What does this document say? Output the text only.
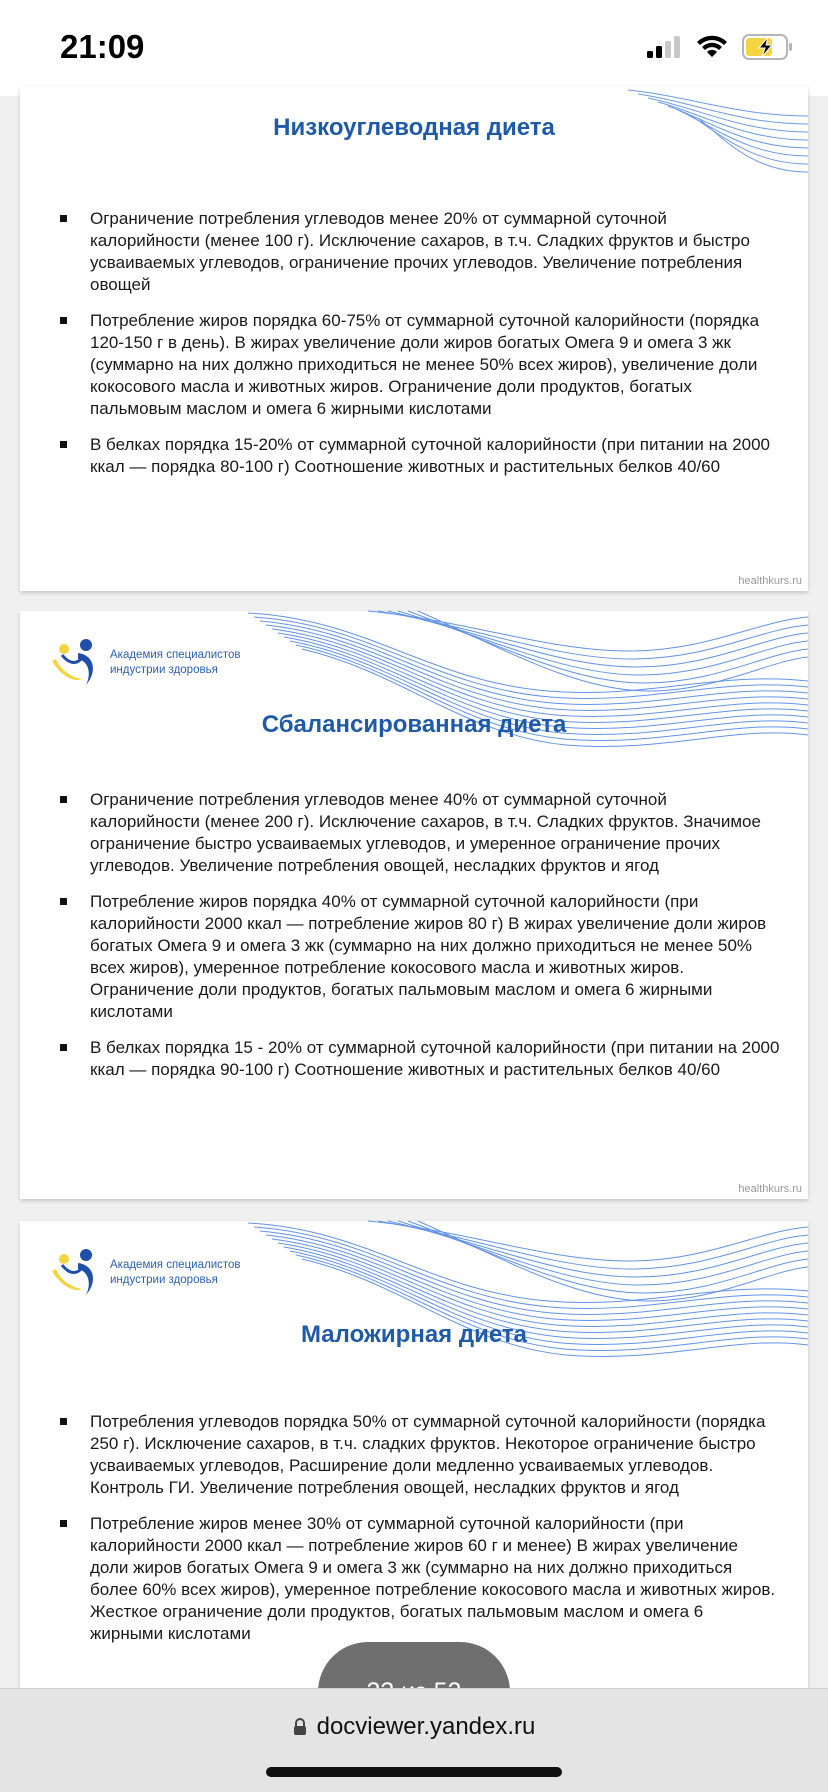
21:09
Низкоуглеводная диета
Ограничение потребления углеводов менее 20% от суммарной суточной калорийности (менее 100 г). Исключение сахаров, в т.ч. Сладких фруктов и быстро усваиваемых углеводов, ограничение прочих углеводов. Увеличение потребления овощей
Потребление жиров порядка 60-75% от суммарной суточной калорийности (порядка 120-150 г в день). В жирах увеличение доли жиров богатых Омега 9 и омега 3 жк (суммарно на них должно приходиться не менее 50% всех жиров), увеличение доли кокосового масла и животных жиров. Ограничение доли продуктов, богатых пальмовым маслом и омега 6 жирными кислотами
В белках порядка 15-20% от суммарной суточной калорийности (при питании на 2000 ккал — порядка 80-100 г) Соотношение животных и растительных белков 40/60
healthkurs.ru
Академия специалистов
индустрии здоровья
Сбалансированная диета
Ограничение потребления углеводов менее 40% от суммарной суточной калорийности (менее 200 г). Исключение сахаров, в т.ч. Сладких фруктов. Значимое ограничение быстро усваиваемых углеводов, и умеренное ограничение прочих углеводов. Увеличение потребления овощей, несладких фруктов и ягод
Потребление жиров порядка 40% от суммарной суточной калорийности (при калорийности 2000 ккал — потребление жиров 80 г) В жирах увеличение доли жиров богатых Омега 9 и омега 3 жк (суммарно на них должно приходиться не менее 50% всех жиров), умеренное потребление кокосового масла и животных жиров. Ограничение доли продуктов, богатых пальмовым маслом и омега 6 жирными кислотами
В белках порядка 15 - 20% от суммарной суточной калорийности (при питании на 2000 ккал — порядка 90-100 г) Соотношение животных и растительных белков 40/60
healthkurs.ru
Академия специалистов
индустрии здоровья
Маложирная диета
Потребления углеводов порядка 50% от суммарной суточной калорийности (порядка 250 г). Исключение сахаров, в т.ч. сладких фруктов. Некоторое ограничение быстро усваиваемых углеводов, Расширение доли медленно усваиваемых углеводов. Контроль ГИ. Увеличение потребления овощей, несладких фруктов и ягод
Потребление жиров менее 30% от суммарной суточной калорийности (при калорийности 2000 ккал — потребление жиров 60 г и менее) В жирах увеличение доли жиров богатых Омега 9 и омега 3 жк (суммарно на них должно приходиться более 60% всех жиров), умеренное потребление кокосового масла и животных жиров. Жесткое ограничение доли продуктов, богатых пальмовым маслом и омега 6 жирными кислотами
docviewer.yandex.ru
